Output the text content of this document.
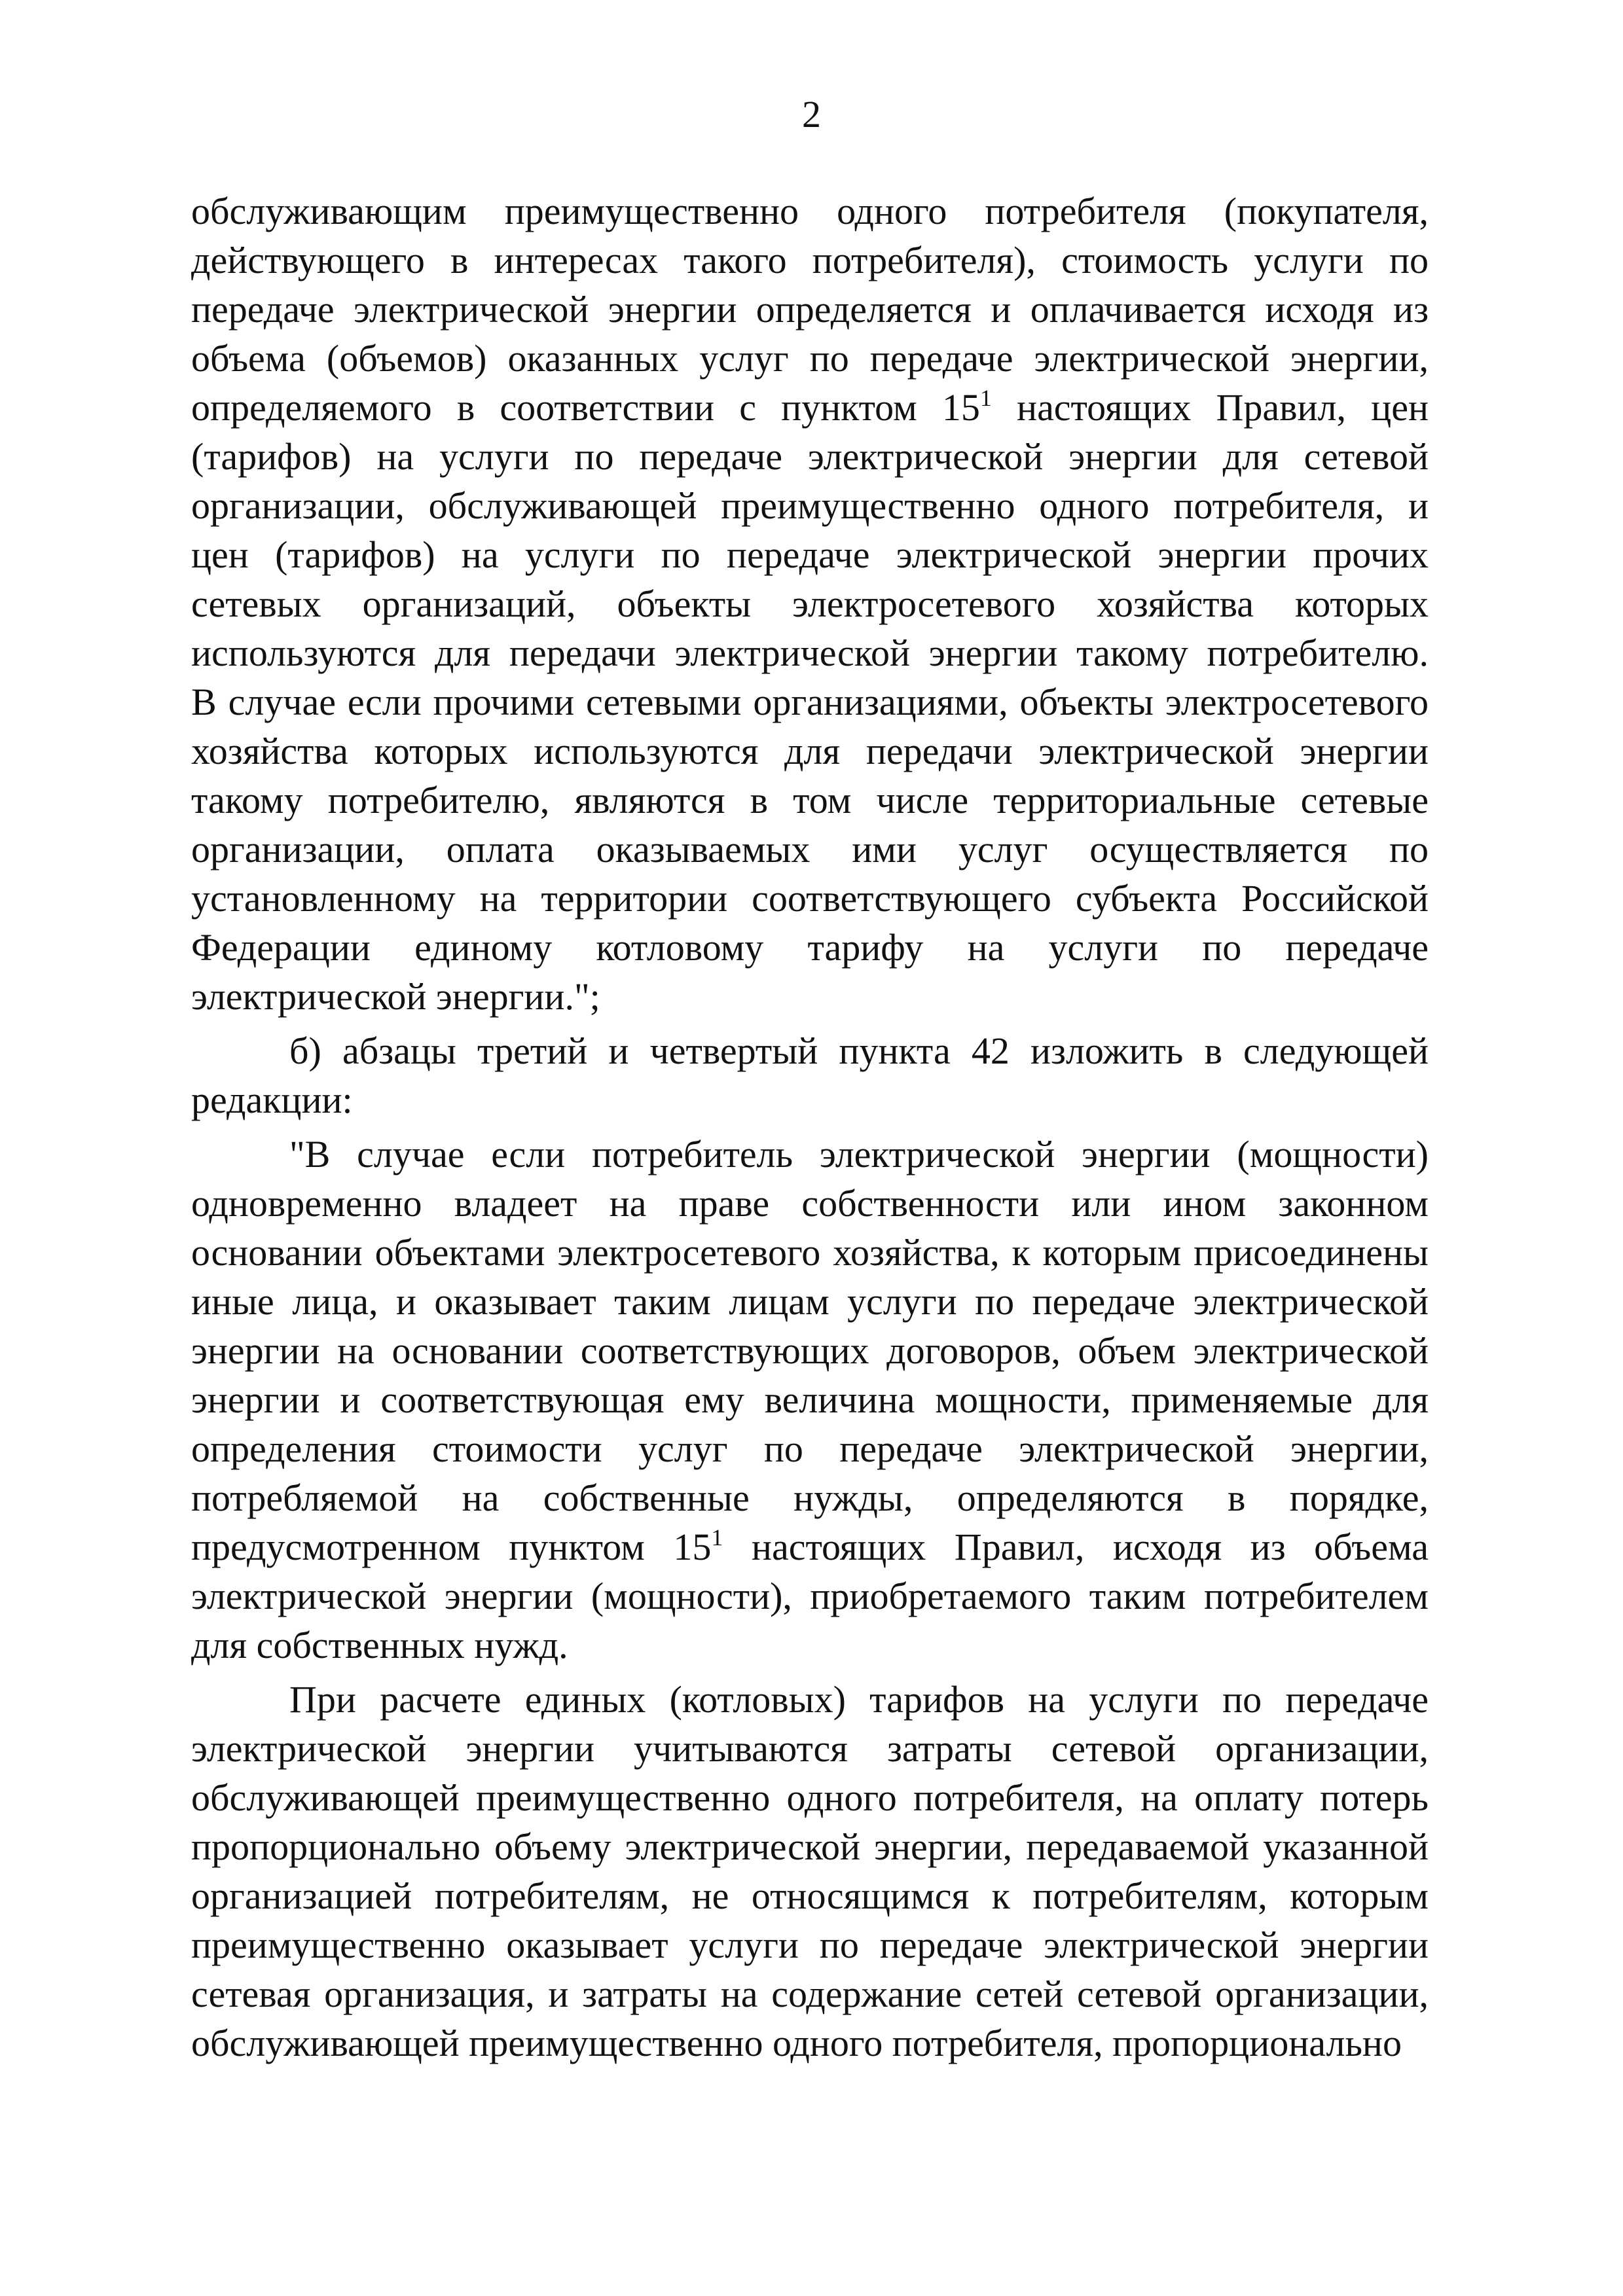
2

обслуживающим преимущественно одного потребителя (покупателя,
действующего в интересах такого потребителя), стоимость услуги по
передаче электрической энергии определяется и оплачивается исходя из
объема (объемов) оказанных услуг по передаче электрической энергии,
определяемого в соответствии с пунктом $15^1$ настоящих Правил, цен
(тарифов) на услуги по передаче электрической энергии для сетевой
организации, обслуживающей преимущественно одного потребителя, и
цен (тарифов) на услуги по передаче электрической энергии прочих
сетевых организаций, объекты электросетевого хозяйства которых
используются для передачи электрической энергии такому потребителю.
В случае если прочими сетевыми организациями, объекты электросетевого
хозяйства которых используются для передачи электрической энергии
такому потребителю, являются в том числе территориальные сетевые
организации, оплата оказываемых ими услуг осуществляется по
установленному на территории соответствующего субъекта Российской
Федерации единому котловому тарифу на услуги по передаче
электрической энергии.";
б) абзацы третий и четвертый пункта 42 изложить в следующей
редакции:
"В случае если потребитель электрической энергии (мощности)
одновременно владеет на праве собственности или ином законном
основании объектами электросетевого хозяйства, к которым присоединены
иные лица, и оказывает таким лицам услуги по передаче электрической
энергии на основании соответствующих договоров, объем электрической
энергии и соответствующая ему величина мощности, применяемые для
определения стоимости услуг по передаче электрической энергии,
потребляемой на собственные нужды, определяются в порядке,
предусмотренном пунктом $15^1$ настоящих Правил, исходя из объема
электрической энергии (мощности), приобретаемого таким потребителем
для собственных нужд.
При расчете единых (котловых) тарифов на услуги по передаче
электрической энергии учитываются затраты сетевой организации,
обслуживающей преимущественно одного потребителя, на оплату потерь
пропорционально объему электрической энергии, передаваемой указанной
организацией потребителям, не относящимся к потребителям, которым
преимущественно оказывает услуги по передаче электрической энергии
сетевая организация, и затраты на содержание сетей сетевой организации,
обслуживающей преимущественно одного потребителя, пропорционально
